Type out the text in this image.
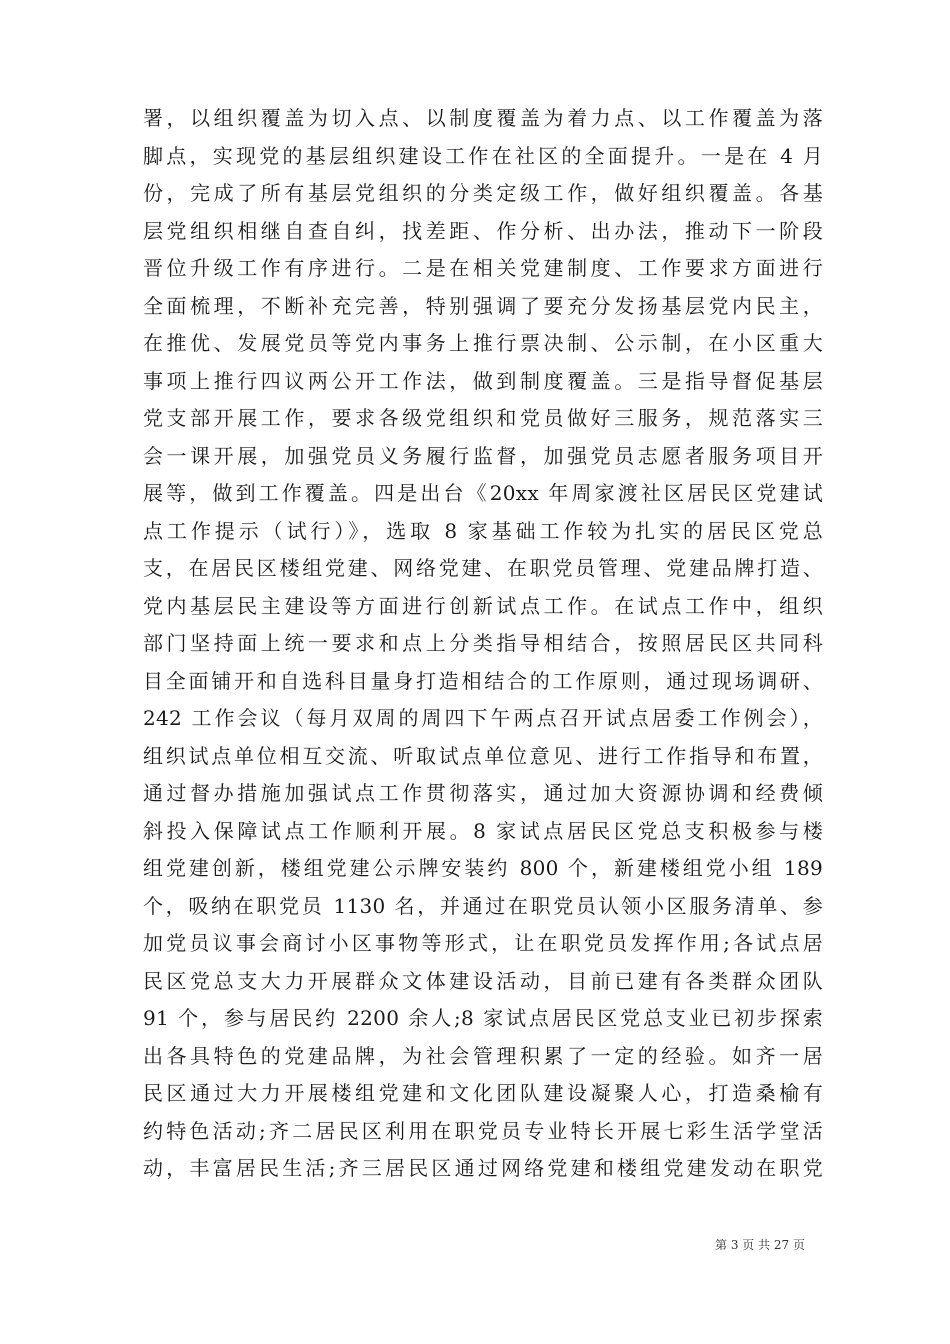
署，以组织覆盖为切入点、以制度覆盖为着力点、以工作覆盖为落
脚点，实现党的基层组织建设工作在社区的全面提升。一是在 4 月
份，完成了所有基层党组织的分类定级工作，做好组织覆盖。各基
层党组织相继自查自纠，找差距、作分析、出办法，推动下一阶段
晋位升级工作有序进行。二是在相关党建制度、工作要求方面进行
全面梳理，不断补充完善，特别强调了要充分发扬基层党内民主，
在推优、发展党员等党内事务上推行票决制、公示制，在小区重大
事项上推行四议两公开工作法，做到制度覆盖。三是指导督促基层
党支部开展工作，要求各级党组织和党员做好三服务，规范落实三
会一课开展，加强党员义务履行监督，加强党员志愿者服务项目开
展等，做到工作覆盖。四是出台《20xx 年周家渡社区居民区党建试
点工作提示（试行）》，选取 8 家基础工作较为扎实的居民区党总
支，在居民区楼组党建、网络党建、在职党员管理、党建品牌打造、
党内基层民主建设等方面进行创新试点工作。在试点工作中，组织
部门坚持面上统一要求和点上分类指导相结合，按照居民区共同科
目全面铺开和自选科目量身打造相结合的工作原则，通过现场调研、
242 工作会议（每月双周的周四下午两点召开试点居委工作例会），
组织试点单位相互交流、听取试点单位意见、进行工作指导和布置，
通过督办措施加强试点工作贯彻落实，通过加大资源协调和经费倾
斜投入保障试点工作顺利开展。8 家试点居民区党总支积极参与楼
组党建创新，楼组党建公示牌安装约 800 个，新建楼组党小组 189
个，吸纳在职党员 1130 名，并通过在职党员认领小区服务清单、参
加党员议事会商讨小区事物等形式，让在职党员发挥作用;各试点居
民区党总支大力开展群众文体建设活动，目前已建有各类群众团队
91 个，参与居民约 2200 余人;8 家试点居民区党总支业已初步探索
出各具特色的党建品牌，为社会管理积累了一定的经验。如齐一居
民区通过大力开展楼组党建和文化团队建设凝聚人心，打造桑榆有
约特色活动;齐二居民区利用在职党员专业特长开展七彩生活学堂活
动，丰富居民生活;齐三居民区通过网络党建和楼组党建发动在职党
第 3 页 共 27 页
